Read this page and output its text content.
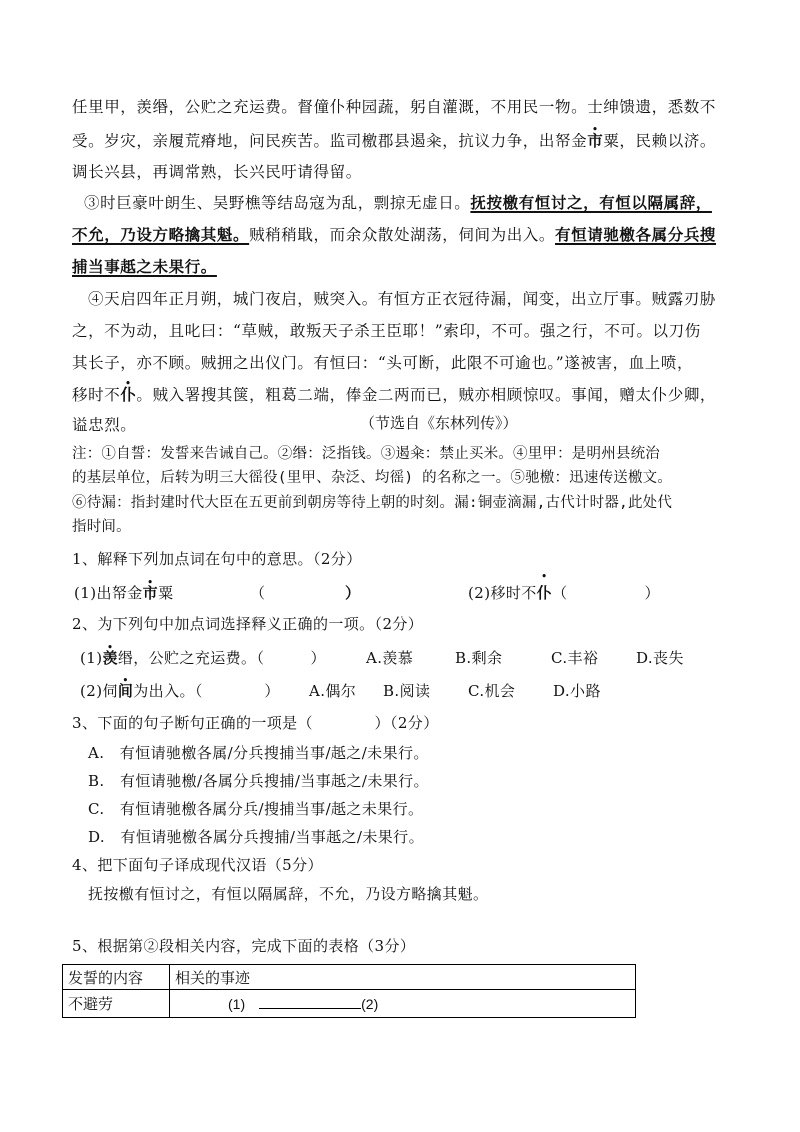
任里甲，羡缗，公贮之充运费。督僮仆种园蔬，躬自灌溉，不用民一物。士绅馈遗，悉数不
受。岁灾，亲履荒瘠地，问民疾苦。监司檄郡县遏籴，抗议力争，出帑金市粟，民赖以济。
调长兴县，再调常熟，长兴民吁请得留。
③时巨豪叶朗生、吴野樵等结岛寇为乱，剽掠无虚日。抚按檄有恒讨之，有恒以隔属辞，
不允，乃设方略擒其魁。贼稍稍戢，而余众散处湖荡，伺间为出入。有恒请驰檄各属分兵搜
捕当事赿之未果行。
④天启四年正月朔，城门夜启，贼突入。有恒方正衣冠待漏，闻变，出立厅事。贼露刃胁
之，不为动，且叱曰：“草贼，敢叛天子杀王臣耶！”索印，不可。强之行，不可。以刀伤
其长子，亦不顾。贼拥之出仪门。有恒曰：“头可断，此限不可逾也。”遂被害，血上喷，
移时不仆。贼入署搜其箧，粗葛二端，俸金二两而已，贼亦相顾惊叹。事闻，赠太仆少卿，
谥忠烈。	（节选自《东林列传》）
注：①自誓：发誓来告诫自己。②缗：泛指钱。③遏籴：禁止买米。④里甲：是明州县统治
的基层单位，后转为明三大徭役(里甲、杂泛、均徭) 的名称之一。⑤驰檄：迅速传送檄文。
⑥待漏：指封建时代大臣在五更前到朝房等待上朝的时刻。漏:铜壶滴漏,古代计时器,此处代
指时间。
1、解释下列加点词在句中的意思。（2分）
(1)出帑金市粟	（	）	(2)移时不仆（　　　　　）
2、为下列句中加点词选择释义正确的一项。（2分）
(1)羡缗，公贮之充运费。（　　　）	A.羡慕	B.剩余	C.丰裕	D.丧失
(2)伺间为出入。（　　　　） A.偶尔 B.阅读	C.机会	D.小路
3、下面的句子断句正确的一项是（　　　　）（2分）
A.　有恒请驰檄各属/分兵搜捕当事/赿之/未果行。
B.　有恒请驰檄/各属分兵搜捕/当事赿之/未果行。
C.　有恒请驰檄各属分兵/搜捕当事/赿之未果行。
D.　有恒请驰檄各属分兵搜捕/当事赿之/未果行。
4、把下面句子译成现代汉语（5分）
抚按檄有恒讨之，有恒以隔属辞，不允，乃设方略擒其魁。
5、根据第②段相关内容，完成下面的表格（3分）
发誓的内容	相关的事迹
不避劳	(1) (2)
